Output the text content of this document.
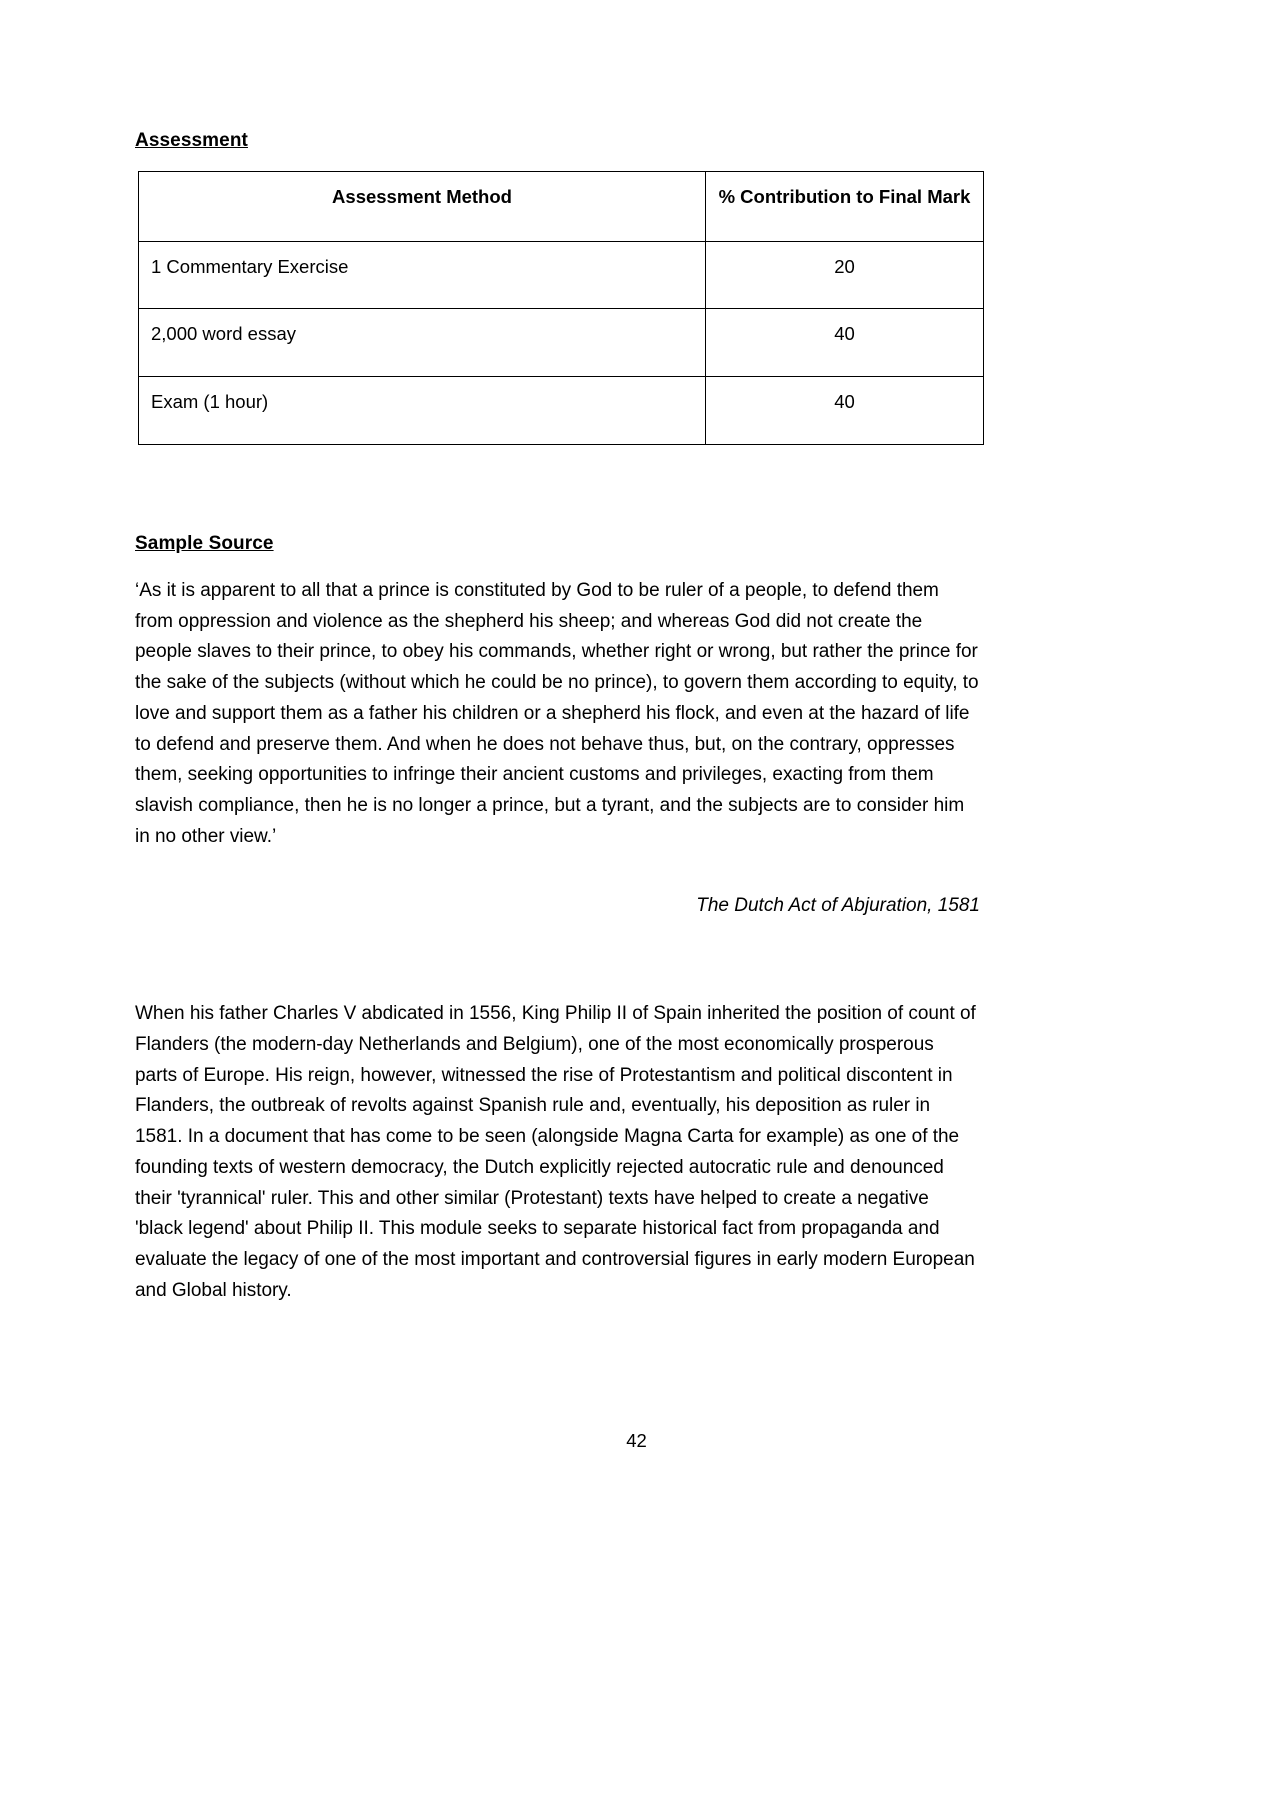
Assessment
Assessment Method	% Contribution to Final Mark
1 Commentary Exercise	20
2,000 word essay	40
Exam (1 hour)	40
Sample Source

‘As it is apparent to all that a prince is constituted by God to be ruler of a people, to defend them from oppression and violence as the shepherd his sheep; and whereas God did not create the people slaves to their prince, to obey his commands, whether right or wrong, but rather the prince for the sake of the subjects (without which he could be no prince), to govern them according to equity, to love and support them as a father his children or a shepherd his flock, and even at the hazard of life to defend and preserve them. And when he does not behave thus, but, on the contrary, oppresses them, seeking opportunities to infringe their ancient customs and privileges, exacting from them slavish compliance, then he is no longer a prince, but a tyrant, and the subjects are to consider him in no other view.’

The Dutch Act of Abjuration, 1581

When his father Charles V abdicated in 1556, King Philip II of Spain inherited the position of count of Flanders (the modern-day Netherlands and Belgium), one of the most economically prosperous parts of Europe. His reign, however, witnessed the rise of Protestantism and political discontent in Flanders, the outbreak of revolts against Spanish rule and, eventually, his deposition as ruler in 1581. In a document that has come to be seen (alongside Magna Carta for example) as one of the founding texts of western democracy, the Dutch explicitly rejected autocratic rule and denounced their 'tyrannical' ruler. This and other similar (Protestant) texts have helped to create a negative 'black legend' about Philip II. This module seeks to separate historical fact from propaganda and evaluate the legacy of one of the most important and controversial figures in early modern European and Global history.

42
